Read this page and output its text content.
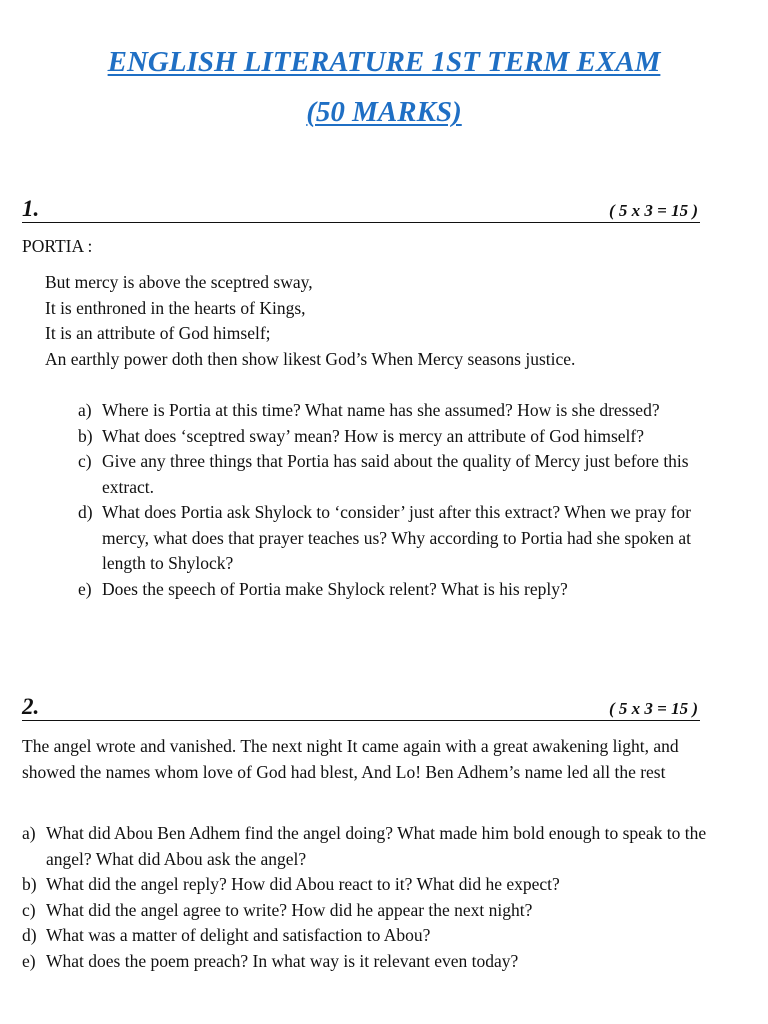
ENGLISH LITERATURE 1ST TERM EXAM
(50 MARKS)
1.	( 5 x 3 = 15 )
PORTIA :
But mercy is above the sceptred sway,
It is enthroned in the hearts of Kings,
It is an attribute of God himself;
An earthly power doth then show likest God’s When Mercy seasons justice.
a) Where is Portia at this time? What name has she assumed? How is she dressed?
b) What does ‘sceptred sway’ mean? How is mercy an attribute of God himself?
c) Give any three things that Portia has said about the quality of Mercy just before this extract.
d) What does Portia ask Shylock to ‘consider’ just after this extract? When we pray for mercy, what does that prayer teaches us? Why according to Portia had she spoken at length to Shylock?
e) Does the speech of Portia make Shylock relent? What is his reply?
2.	( 5 x 3 = 15 )
The angel wrote and vanished. The next night It came again with a great awakening light, and showed the names whom love of God had blest, And Lo! Ben Adhem’s name led all the rest
a) What did Abou Ben Adhem find the angel doing? What made him bold enough to speak to the angel? What did Abou ask the angel?
b) What did the angel reply? How did Abou react to it? What did he expect?
c) What did the angel agree to write? How did he appear the next night?
d) What was a matter of delight and satisfaction to Abou?
e) What does the poem preach? In what way is it relevant even today?
